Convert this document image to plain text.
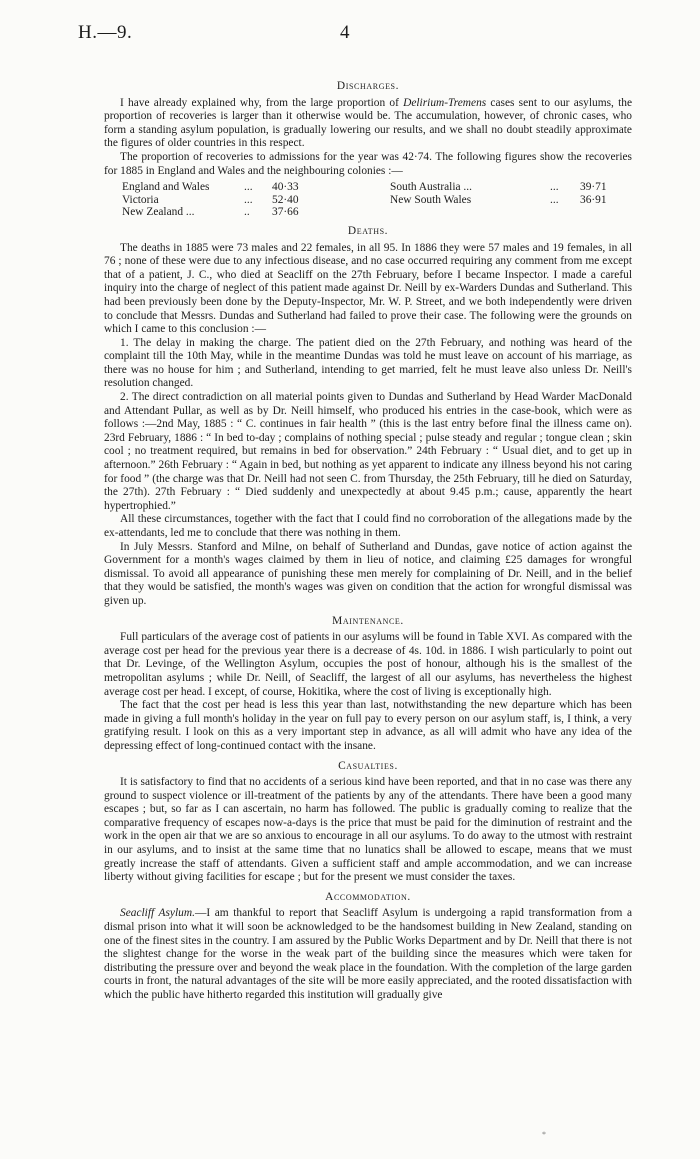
H.—9.	4
Discharges.

I have already explained why, from the large proportion of Delirium-Tremens cases sent to our asylums, the proportion of recoveries is larger than it otherwise would be. The accumulation, however, of chronic cases, who form a standing asylum population, is gradually lowering our results, and we shall no doubt steadily approximate the figures of older countries in this respect.

The proportion of recoveries to admissions for the year was 42·74. The following figures show the recoveries for 1885 in England and Wales and the neighbouring colonies :—

England and Wales	...	40·33	South Australia ...	...	39·71
Victoria	...	52·40	New South Wales	...	36·91
New Zealand ...	..	37·66			
Deaths.

The deaths in 1885 were 73 males and 22 females, in all 95. In 1886 they were 57 males and 19 females, in all 76 ; none of these were due to any infectious disease, and no case occurred requiring any comment from me except that of a patient, J. C., who died at Seacliff on the 27th February, before I became Inspector. I made a careful inquiry into the charge of neglect of this patient made against Dr. Neill by ex-Warders Dundas and Sutherland. This had been previously been done by the Deputy-Inspector, Mr. W. P. Street, and we both independently were driven to conclude that Messrs. Dundas and Sutherland had failed to prove their case. The following were the grounds on which I came to this conclusion :—

1. The delay in making the charge. The patient died on the 27th February, and nothing was heard of the complaint till the 10th May, while in the meantime Dundas was told he must leave on account of his marriage, as there was no house for him ; and Sutherland, intending to get married, felt he must leave also unless Dr. Neill's resolution changed.

2. The direct contradiction on all material points given to Dundas and Sutherland by Head Warder MacDonald and Attendant Pullar, as well as by Dr. Neill himself, who produced his entries in the case-book, which were as follows :—2nd May, 1885 : “ C. continues in fair health ” (this is the last entry before final the illness came on). 23rd February, 1886 : “ In bed to-day ; complains of nothing special ; pulse steady and regular ; tongue clean ; skin cool ; no treatment required, but remains in bed for observation.” 24th February : “ Usual diet, and to get up in afternoon.” 26th February : “ Again in bed, but nothing as yet apparent to indicate any illness beyond his not caring for food ” (the charge was that Dr. Neill had not seen C. from Thursday, the 25th February, till he died on Saturday, the 27th). 27th February : “ Died suddenly and unexpectedly at about 9.45 p.m.; cause, apparently the heart hypertrophied.”

All these circumstances, together with the fact that I could find no corroboration of the allegations made by the ex-attendants, led me to conclude that there was nothing in them.

In July Messrs. Stanford and Milne, on behalf of Sutherland and Dundas, gave notice of action against the Government for a month's wages claimed by them in lieu of notice, and claiming £25 damages for wrongful dismissal. To avoid all appearance of punishing these men merely for complaining of Dr. Neill, and in the belief that they would be satisfied, the month's wages was given on condition that the action for wrongful dismissal was given up.

Maintenance.

Full particulars of the average cost of patients in our asylums will be found in Table XVI. As compared with the average cost per head for the previous year there is a decrease of 4s. 10d. in 1886. I wish particularly to point out that Dr. Levinge, of the Wellington Asylum, occupies the post of honour, although his is the smallest of the metropolitan asylums ; while Dr. Neill, of Seacliff, the largest of all our asylums, has nevertheless the highest average cost per head. I except, of course, Hokitika, where the cost of living is exceptionally high.

The fact that the cost per head is less this year than last, notwithstanding the new departure which has been made in giving a full month's holiday in the year on full pay to every person on our asylum staff, is, I think, a very gratifying result. I look on this as a very important step in advance, as all will admit who have any idea of the depressing effect of long-continued contact with the insane.

Casualties.

It is satisfactory to find that no accidents of a serious kind have been reported, and that in no case was there any ground to suspect violence or ill-treatment of the patients by any of the attendants. There have been a good many escapes ; but, so far as I can ascertain, no harm has followed. The public is gradually coming to realize that the comparative frequency of escapes now-a-days is the price that must be paid for the diminution of restraint and the work in the open air that we are so anxious to encourage in all our asylums. To do away to the utmost with restraint in our asylums, and to insist at the same time that no lunatics shall be allowed to escape, means that we must greatly increase the staff of attendants. Given a sufficient staff and ample accommodation, and we can increase liberty without giving facilities for escape ; but for the present we must consider the taxes.

Accommodation.

Seacliff Asylum.—I am thankful to report that Seacliff Asylum is undergoing a rapid transformation from a dismal prison into what it will soon be acknowledged to be the handsomest building in New Zealand, standing on one of the finest sites in the country. I am assured by the Public Works Department and by Dr. Neill that there is not the slightest change for the worse in the weak part of the building since the measures which were taken for distributing the pressure over and beyond the weak place in the foundation. With the completion of the large garden courts in front, the natural advantages of the site will be more easily appreciated, and the rooted dissatisfaction with which the public have hitherto regarded this institution will gradually give

*
